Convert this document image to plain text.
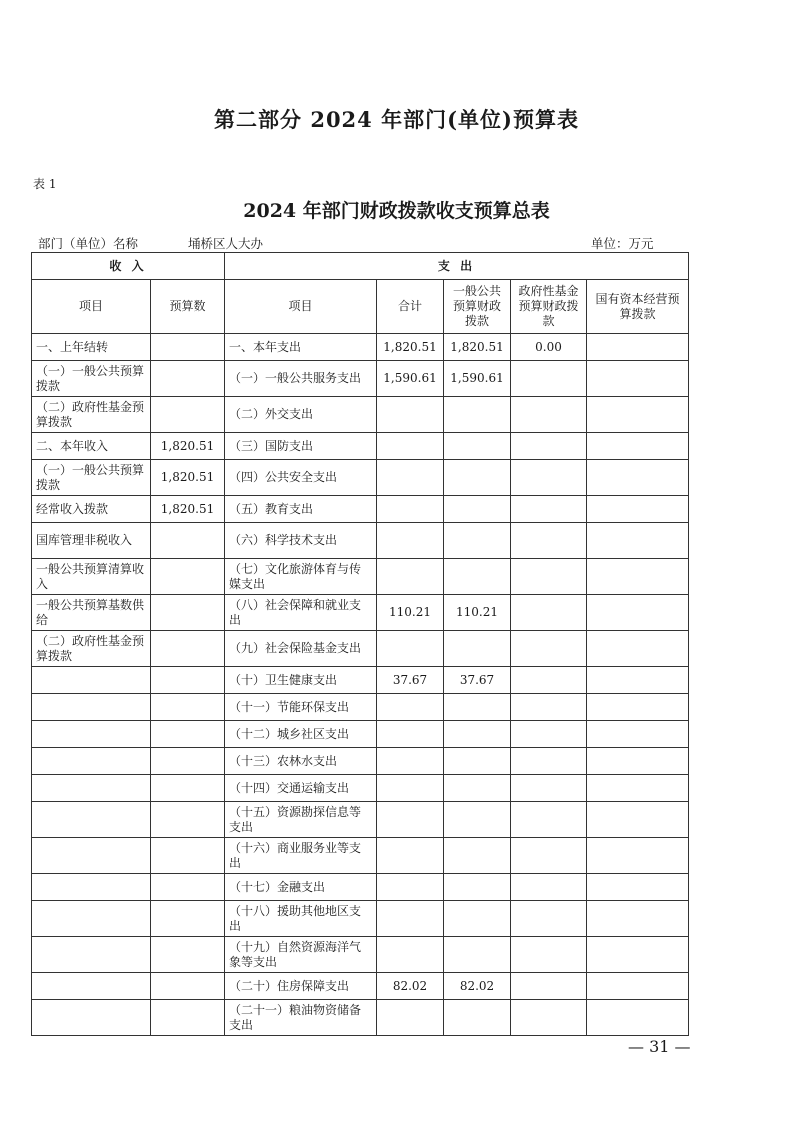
第二部分 2024 年部门(单位)预算表
表 1
2024 年部门财政拨款收支预算总表
部门（单位）名称	埇桥区人大办	单位：万元
收 入		支 出				
项目	预算数	项目	合计	一般公共预算财政拨款	政府性基金预算财政拨款	国有资本经营预算拨款
一、上年结转		一、本年支出	1,820.51	1,820.51	0.00	
（一）一般公共预算拨款		（一）一般公共服务支出	1,590.61	1,590.61		
（二）政府性基金预算拨款		（二）外交支出				
二、本年收入	1,820.51	（三）国防支出				
（一）一般公共预算拨款	1,820.51	（四）公共安全支出				
经常收入拨款	1,820.51	（五）教育支出				
国库管理非税收入		（六）科学技术支出				
一般公共预算清算收入		（七）文化旅游体育与传媒支出				
一般公共预算基数供给		（八）社会保障和就业支出	110.21	110.21		
（二）政府性基金预算拨款		（九）社会保险基金支出				
		（十）卫生健康支出	37.67	37.67		
		（十一）节能环保支出				
		（十二）城乡社区支出				
		（十三）农林水支出				
		（十四）交通运输支出				
		（十五）资源勘探信息等支出				
		（十六）商业服务业等支出				
		（十七）金融支出				
		（十八）援助其他地区支出				
		（十九）自然资源海洋气象等支出				
		（二十）住房保障支出	82.02	82.02		
		（二十一）粮油物资储备支出				
— 31 —
